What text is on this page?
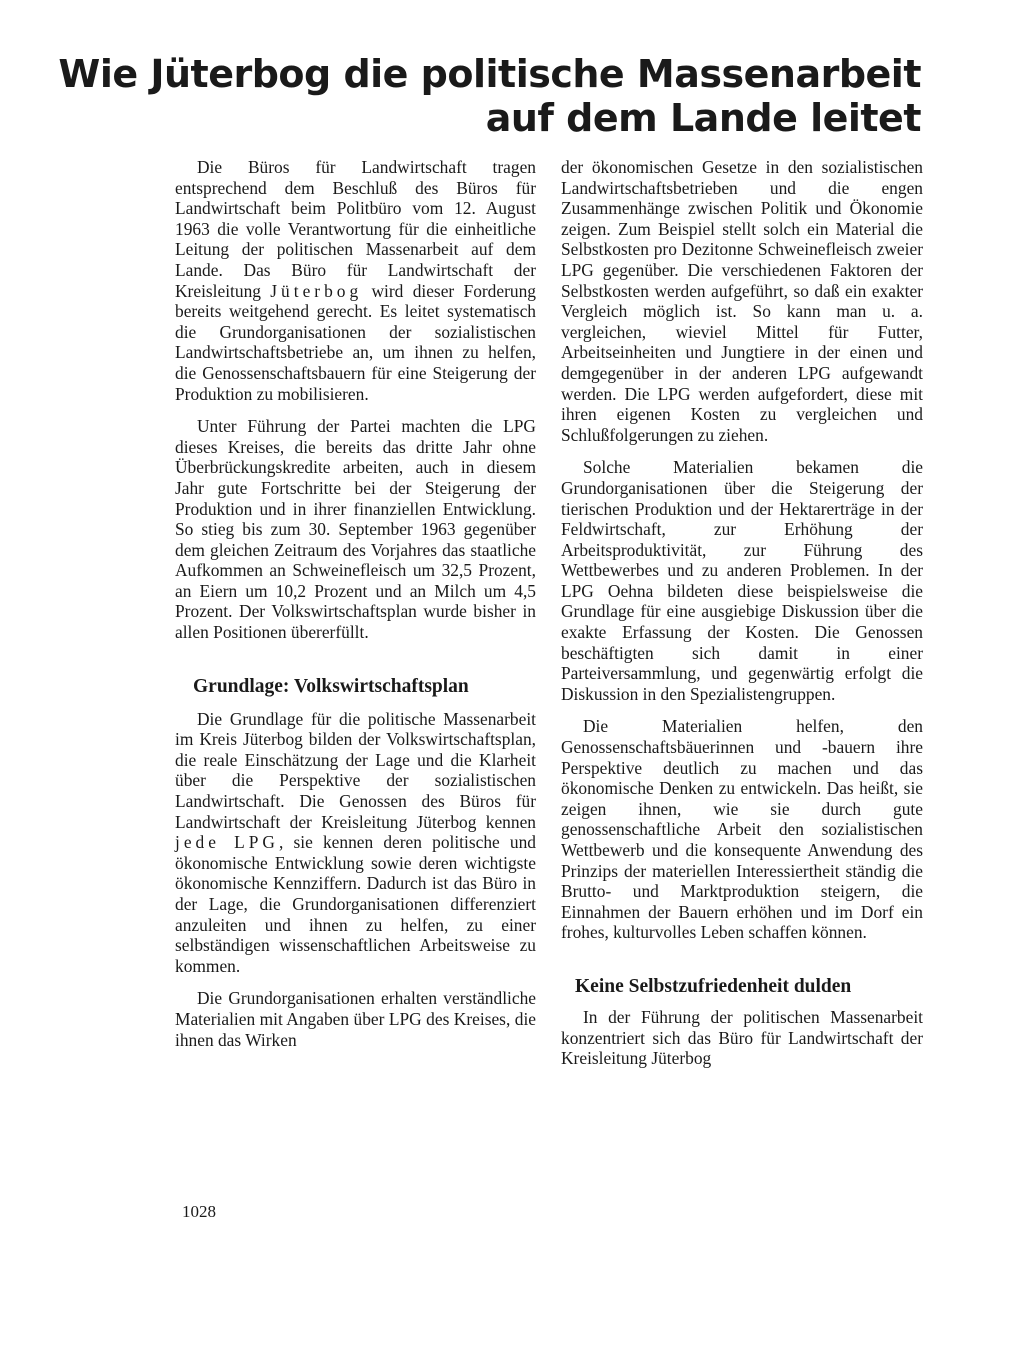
Wie Jüterbog die politische Massenarbeit
auf dem Lande leitet

Die Büros für Landwirtschaft tragen entsprechend dem Beschluß des Büros für Landwirtschaft beim Politbüro vom 12. August 1963 die volle Verantwortung für die einheitliche Leitung der politischen Massenarbeit auf dem Lande. Das Büro für Landwirtschaft der Kreisleitung Jüterbog wird dieser Forderung bereits weitgehend gerecht. Es leitet systematisch die Grundorganisationen der sozialistischen Landwirtschaftsbetriebe an, um ihnen zu helfen, die Genossenschaftsbauern für eine Steigerung der Produktion zu mobilisieren.

Unter Führung der Partei machten die LPG dieses Kreises, die bereits das dritte Jahr ohne Überbrückungskredite arbeiten, auch in diesem Jahr gute Fortschritte bei der Steigerung der Produktion und in ihrer finanziellen Entwicklung. So stieg bis zum 30. September 1963 gegenüber dem gleichen Zeitraum des Vorjahres das staatliche Aufkommen an Schweinefleisch um 32,5 Prozent, an Eiern um 10,2 Prozent und an Milch um 4,5 Prozent. Der Volkswirtschaftsplan wurde bisher in allen Positionen übererfüllt.

Grundlage: Volkswirtschaftsplan

Die Grundlage für die politische Massenarbeit im Kreis Jüterbog bilden der Volkswirtschaftsplan, die reale Einschätzung der Lage und die Klarheit über die Perspektive der sozialistischen Landwirtschaft. Die Genossen des Büros für Landwirtschaft der Kreisleitung Jüterbog kennen jede LPG, sie kennen deren politische und ökonomische Entwicklung sowie deren wichtigste ökonomische Kennziffern. Dadurch ist das Büro in der Lage, die Grundorganisationen differenziert anzuleiten und ihnen zu helfen, zu einer selbständigen wissenschaftlichen Arbeitsweise zu kommen.

Die Grundorganisationen erhalten verständliche Materialien mit Angaben über LPG des Kreises, die ihnen das Wirken

der ökonomischen Gesetze in den sozialistischen Landwirtschaftsbetrieben und die engen Zusammenhänge zwischen Politik und Ökonomie zeigen. Zum Beispiel stellt solch ein Material die Selbstkosten pro Dezitonne Schweinefleisch zweier LPG gegenüber. Die verschiedenen Faktoren der Selbstkosten werden aufgeführt, so daß ein exakter Vergleich möglich ist. So kann man u. a. vergleichen, wieviel Mittel für Futter, Arbeitseinheiten und Jungtiere in der einen und demgegenüber in der anderen LPG aufgewandt werden. Die LPG werden aufgefordert, diese mit ihren eigenen Kosten zu vergleichen und Schlußfolgerungen zu ziehen.

Solche Materialien bekamen die Grundorganisationen über die Steigerung der tierischen Produktion und der Hektarerträge in der Feldwirtschaft, zur Erhöhung der Arbeitsproduktivität, zur Führung des Wettbewerbes und zu anderen Problemen. In der LPG Oehna bildeten diese beispielsweise die Grundlage für eine ausgiebige Diskussion über die exakte Erfassung der Kosten. Die Genossen beschäftigten sich damit in einer Parteiversammlung, und gegenwärtig erfolgt die Diskussion in den Spezialistengruppen.

Die Materialien helfen, den Genossenschaftsbäuerinnen und -bauern ihre Perspektive deutlich zu machen und das ökonomische Denken zu entwickeln. Das heißt, sie zeigen ihnen, wie sie durch gute genossenschaftliche Arbeit den sozialistischen Wettbewerb und die konsequente Anwendung des Prinzips der materiellen Interessiertheit ständig die Brutto- und Marktproduktion steigern, die Einnahmen der Bauern erhöhen und im Dorf ein frohes, kulturvolles Leben schaffen können.

Keine Selbstzufriedenheit dulden

In der Führung der politischen Massenarbeit konzentriert sich das Büro für Landwirtschaft der Kreisleitung Jüterbog

1028
